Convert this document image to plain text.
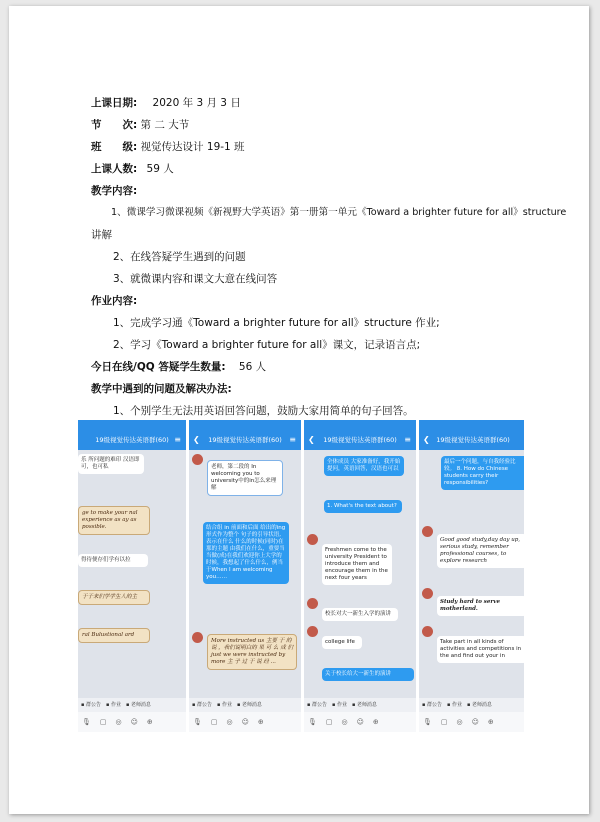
上课日期: 2020 年 3 月 3 日
节　　次: 第 二 大节
班　　级: 视觉传达设计 19-1 班
上课人数: 59 人
教学内容:
1、微课学习微课视频《新视野大学英语》第一册第一单元《Toward a brighter future for all》structure
讲解
2、在线答疑学生遇到的问题
3、就微课内容和课文大意在线问答
作业内容:
1、完成学习通《Toward a brighter future for all》structure 作业;
2、学习《Toward a brighter future for all》课文，记录语言点;
今日在线/QQ 答疑学生数量: 56 人
教学中遇到的问题及解决办法:
1、个别学生无法用英语回答问题，鼓励大家用简单的句子回答。
19级视觉传达英语群(60) ≡
乐 所问题的难印 汉语即可，也可私
ge to make your nal experience as ay as possible.
得待便存们学有以拉
于于来们学学生人的主
ral Bulustional ard
▪ 群公告　▪ 作业　▪ 老师消息
🎙▢◎☺⊕
❮ 19级视觉传达英语群(60) ≡
老师，第二段的 In welcoming you to university中的in怎么来理解
结合组 in 前面和后面 给出的ing形式作为整个 句子的引导状语,表示在什么 什么的时候(同时)在那的主题 由我们在什么，重要当当做(成)在我们欢迎你上大学的时候，我想起了什么什么，例当于When I am welcoming you……
More instructed us 主要 于 的说 ，我们说明白的 果 可 么 成 们 just we were instructed by more 主 子 过 于 说 经 ...
▪ 群公告　▪ 作业　▪ 老师消息
🎙▢◎☺⊕
❮ 19级视觉传达英语群(60) ≡
全体成员 大家准备好，我开始提问，英语回答，汉语也可以
1. What's the text about?
Freshmen come to the university President to introduce them and encourage them in the next four years
校长对大一新生入学的演讲
college life
关于校长给大一新生的演讲
▪ 群公告　▪ 作业　▪ 老师消息
🎙▢◎☺⊕
❮ 19级视觉传达英语群(60)
最后一个问题，与自我经验比较。 8. How do Chinese students carry their responsibilities?
Good good study,day day up, serious study, remember professional courses, to explore research
Study hard to serve motherland.
Take part in all kinds of activities and competitions in the and find out your in
▪ 群公告　▪ 作业　▪ 老师消息
🎙▢◎☺⊕
